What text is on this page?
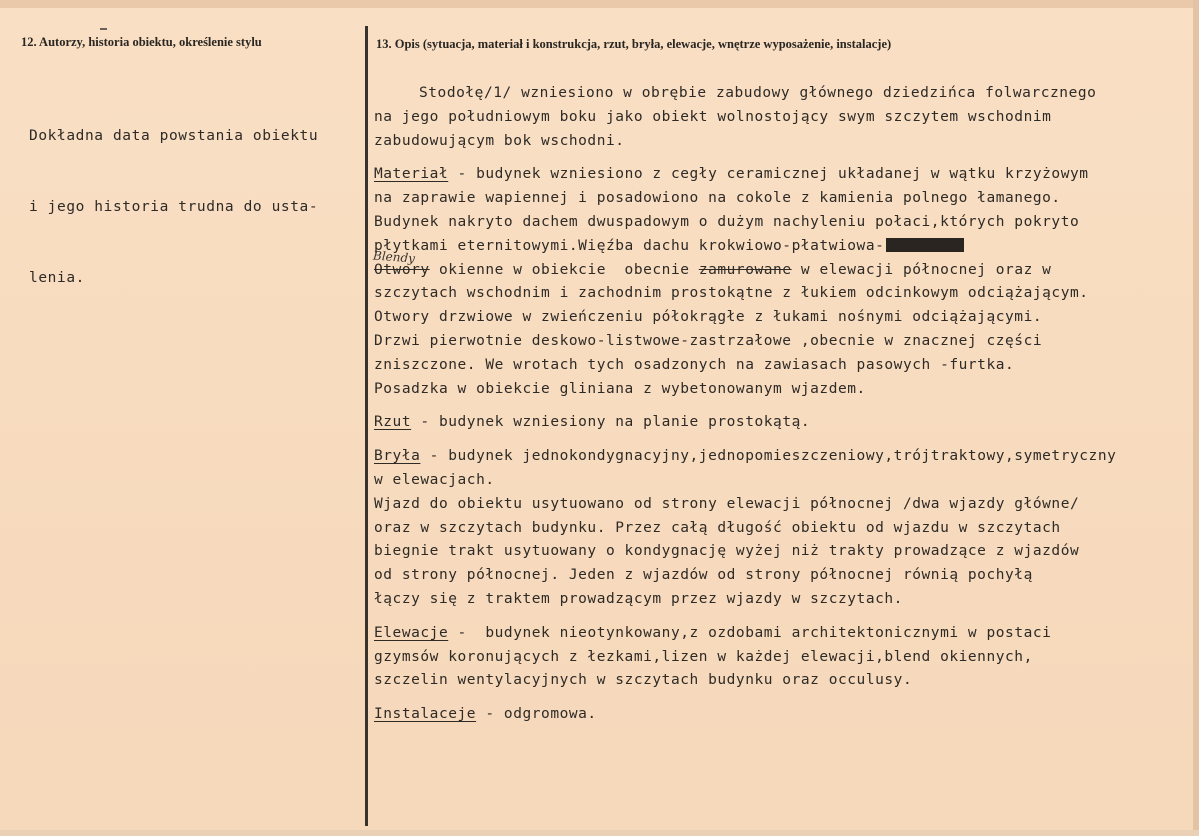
12. Autorzy, historia obiektu, określenie stylu	13. Opis (sytuacja, materiał i konstrukcja, rzut, bryła, elewacje, wnętrze wyposażenie, instalacje)

Dokładna data powstania obiektu

i jego historia trudna do usta-

lenia.

Blendy
Stodołę/1/ wzniesiono w obrębie zabudowy głównego dziedzińca folwarcznego
na jego południowym boku jako obiekt wolnostojący swym szczytem wschodnim
zabudowującym bok wschodni.
Materiał - budynek wzniesiono z cegły ceramicznej układanej w wątku krzyżowym
na zaprawie wapiennej i posadowiono na cokole z kamienia polnego łamanego.
Budynek nakryto dachem dwuspadowym o dużym nachyleniu połaci,których pokryto
płytkami eternitowymi.Więźba dachu krokwiowo-płatwiowa-
Otwory okienne w obiekcie  obecnie zamurowane w elewacji północnej oraz w
szczytach wschodnim i zachodnim prostokątne z łukiem odcinkowym odciążającym.
Otwory drzwiowe w zwieńczeniu półokrągłe z łukami nośnymi odciążającymi.
Drzwi pierwotnie deskowo-listwowe-zastrzałowe ,obecnie w znacznej części
zniszczone. We wrotach tych osadzonych na zawiasach pasowych -furtka.
Posadzka w obiekcie gliniana z wybetonowanym wjazdem.
Rzut - budynek wzniesiony na planie prostokątą.
Bryła - budynek jednokondygnacyjny,jednopomieszczeniowy,trójtraktowy,symetryczny
w elewacjach.
Wjazd do obiektu usytuowano od strony elewacji północnej /dwa wjazdy główne/
oraz w szczytach budynku. Przez całą długość obiektu od wjazdu w szczytach
biegnie trakt usytuowany o kondygnację wyżej niż trakty prowadzące z wjazdów
od strony północnej. Jeden z wjazdów od strony północnej równią pochyłą
łączy się z traktem prowadzącym przez wjazdy w szczytach.
Elewacje -  budynek nieotynkowany,z ozdobami architektonicznymi w postaci
gzymsów koronujących z łezkami,lizen w każdej elewacji,blend okiennych,
szczelin wentylacyjnych w szczytach budynku oraz occulusy.
Instalaceje - odgromowa.
